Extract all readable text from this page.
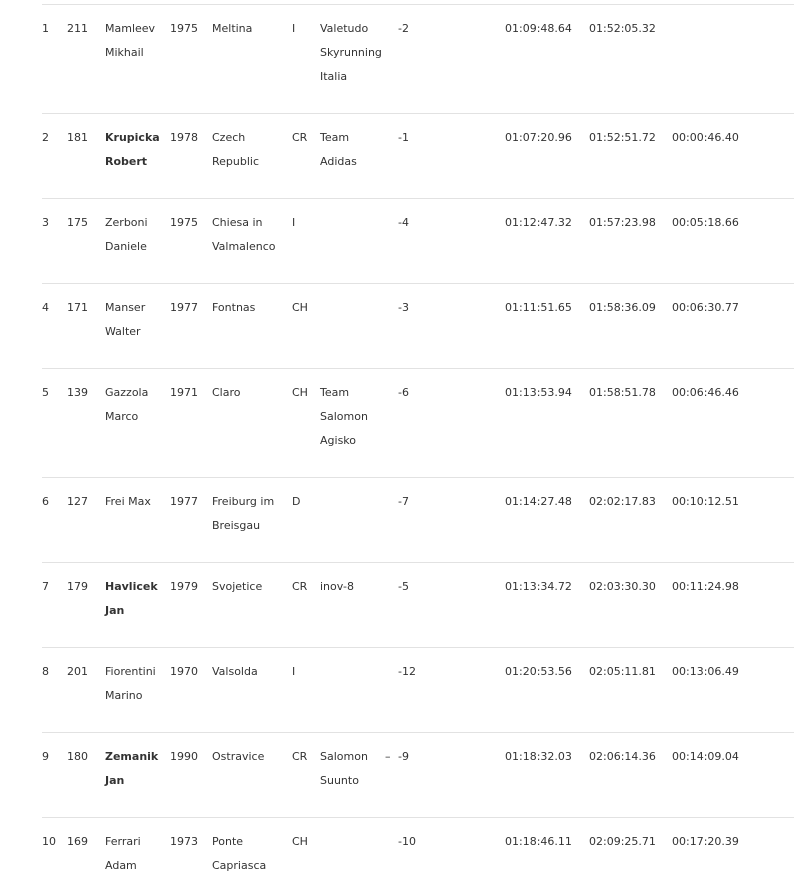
1	211	Mamleev Mikhail	1975	Meltina	I	Valetudo Skyrunning Italia		-2	01:09:48.64	01:52:05.32	
2	181	Krupicka Robert	1978	Czech Republic	CR	Team Adidas		-1	01:07:20.96	01:52:51.72	00:00:46.40
3	175	Zerboni Daniele	1975	Chiesa in Valmalenco	I			-4	01:12:47.32	01:57:23.98	00:05:18.66
4	171	Manser Walter	1977	Fontnas	CH			-3	01:11:51.65	01:58:36.09	00:06:30.77
5	139	Gazzola Marco	1971	Claro	CH	Team Salomon Agisko		-6	01:13:53.94	01:58:51.78	00:06:46.46
6	127	Frei Max	1977	Freiburg im Breisgau	D			-7	01:14:27.48	02:02:17.83	00:10:12.51
7	179	Havlicek Jan	1979	Svojetice	CR	inov-8		-5	01:13:34.72	02:03:30.30	00:11:24.98
8	201	Fiorentini Marino	1970	Valsolda	I			-12	01:20:53.56	02:05:11.81	00:13:06.49
9	180	Zemanik Jan	1990	Ostravice	CR	Salomon Suunto	–	-9	01:18:32.03	02:06:14.36	00:14:09.04
10	169	Ferrari Adam	1973	Ponte Capriasca	CH			-10	01:18:46.11	02:09:25.71	00:17:20.39
